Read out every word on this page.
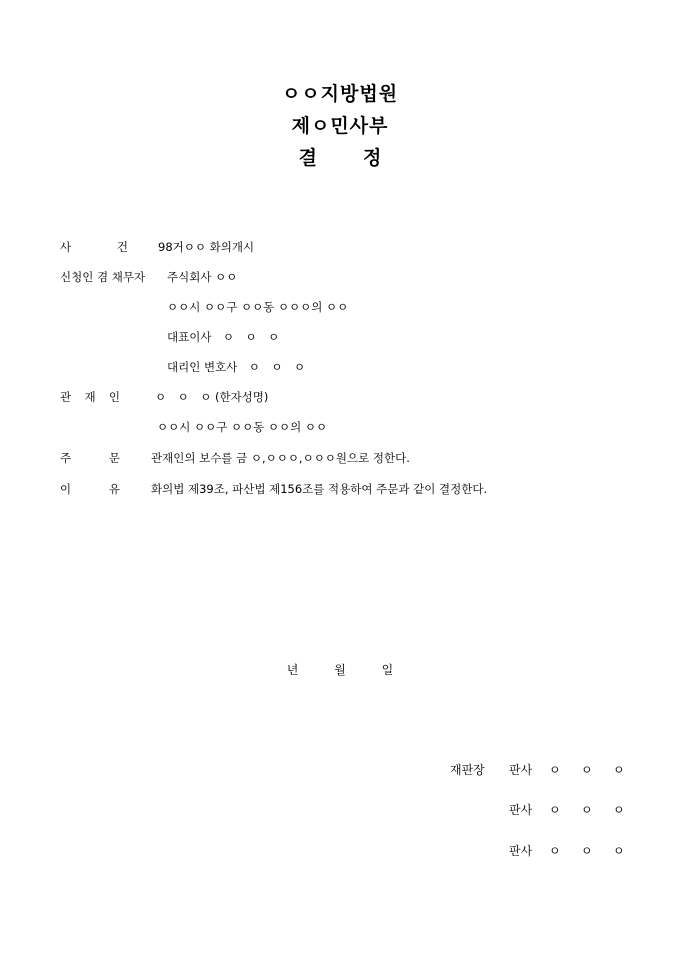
ㅇㅇ지방법원
제ㅇ민사부
결 정
사	건	98거ㅇㅇ 화의개시
신청인 겸 채무자 주식회사 ㅇㅇ
ㅇㅇ시 ㅇㅇ구 ㅇㅇ동 ㅇㅇㅇ의 ㅇㅇ
대표이사　ㅇ　ㅇ　ㅇ
대리인 변호사　ㅇ　ㅇ　ㅇ
관 재 인	ㅇ　ㅇ　ㅇ (한자성명)
ㅇㅇ시 ㅇㅇ구 ㅇㅇ동 ㅇㅇ의 ㅇㅇ
주	문	관재인의 보수를 금 ㅇ,ㅇㅇㅇ,ㅇㅇㅇ원으로 정한다.
이	유	화의법 제39조, 파산법 제156조를 적용하여 주문과 같이 결정한다.
년	월	일
재판장 판사 ㅇ ㅇ ㅇ
판사 ㅇ ㅇ ㅇ
판사 ㅇ ㅇ ㅇ
